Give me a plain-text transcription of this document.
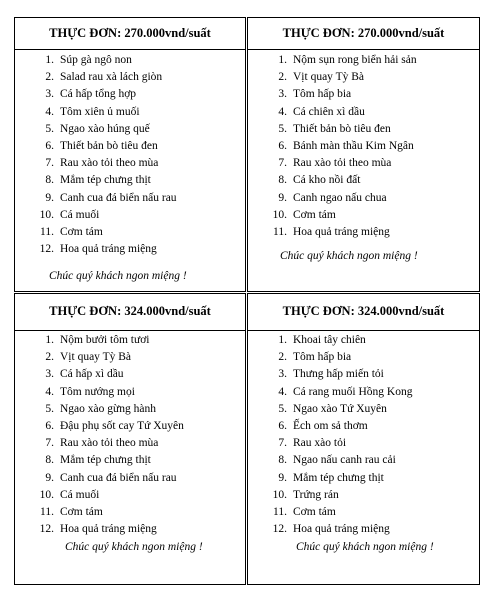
THỰC ĐƠN: 270.000vnd/suất
1. Súp gà ngô non
2. Salad rau xà lách giòn
3. Cá hấp tổng hợp
4. Tôm xiên ủ muối
5. Ngao xào húng quế
6. Thiết bản bò tiêu đen
7. Rau xào tỏi theo mùa
8. Mắm tép chưng thịt
9. Canh cua đá biển nấu rau
10. Cá muối
11. Cơm tám
12. Hoa quả tráng miệng
Chúc quý khách ngon miệng !
THỰC ĐƠN: 270.000vnd/suất
1. Nộm sụn rong biển hải sản
2. Vịt quay Tỳ Bà
3. Tôm hấp bia
4. Cá chiên xì dầu
5. Thiết bản bò tiêu đen
6. Bánh màn thầu Kim Ngân
7. Rau xào tỏi theo mùa
8. Cá kho nồi đất
9. Canh ngao nấu chua
10. Cơm tám
11. Hoa quả tráng miệng
Chúc quý khách ngon miệng !
THỰC ĐƠN: 324.000vnd/suất
1. Nộm bưởi tôm tươi
2. Vịt quay Tỳ Bà
3. Cá hấp xì dầu
4. Tôm nướng mọi
5. Ngao xào gừng hành
6. Đậu phụ sốt cay Tứ Xuyên
7. Rau xào tỏi theo mùa
8. Mắm tép chưng thịt
9. Canh cua đá biển nấu rau
10. Cá muối
11. Cơm tám
12. Hoa quả tráng miệng
Chúc quý khách ngon miệng !
THỰC ĐƠN: 324.000vnd/suất
1. Khoai tây chiên
2. Tôm hấp bia
3. Thưng hấp miến tỏi
4. Cá rang muối Hồng Kong
5. Ngao xào Tứ Xuyên
6. Ếch om sả thơm
7. Rau xào tỏi
8. Ngao nấu canh rau cải
9. Mắm tép chưng thịt
10. Trứng rán
11. Cơm tám
12. Hoa quả tráng miệng
Chúc quý khách ngon miệng !
